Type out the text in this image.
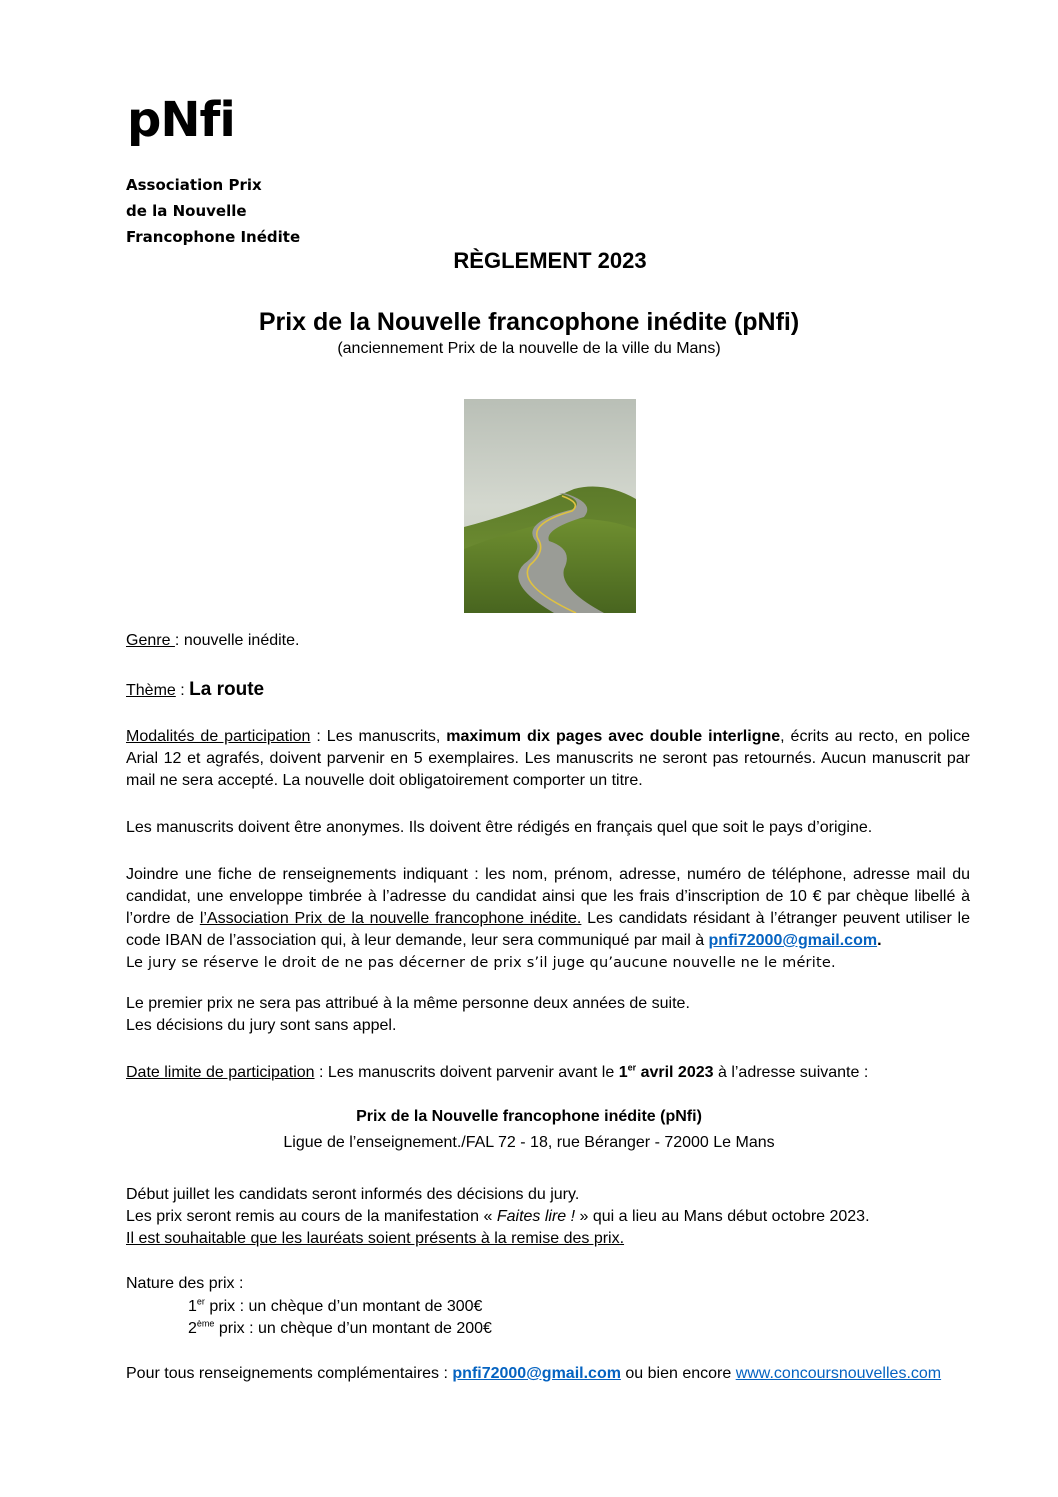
pNfi
Association Prix
de la Nouvelle
Francophone Inédite
RÈGLEMENT 2023
Prix de la Nouvelle francophone inédite (pNfi)
(anciennement Prix de la nouvelle de la ville du Mans)
Genre : nouvelle inédite.
Thème : La route
Modalités de participation : Les manuscrits, maximum dix pages avec double interligne, écrits au recto, en police Arial 12 et agrafés, doivent parvenir en 5 exemplaires. Les manuscrits ne seront pas retournés. Aucun manuscrit par mail ne sera accepté. La nouvelle doit obligatoirement comporter un titre.
Les manuscrits doivent être anonymes. Ils doivent être rédigés en français quel que soit le pays d’origine.
Joindre une fiche de renseignements indiquant : les nom, prénom, adresse, numéro de téléphone, adresse mail du candidat, une enveloppe timbrée à l’adresse du candidat ainsi que les frais d’inscription de 10 € par chèque libellé à l’ordre de l’Association Prix de la nouvelle francophone inédite. Les candidats résidant à l’étranger peuvent utiliser le code IBAN de l’association qui, à leur demande, leur sera communiqué par mail à pnfi72000@gmail.com.
Le jury se réserve le droit de ne pas décerner de prix s’il juge qu’aucune nouvelle ne le mérite.
Le premier prix ne sera pas attribué à la même personne deux années de suite.
Les décisions du jury sont sans appel.
Date limite de participation : Les manuscrits doivent parvenir avant le 1er avril 2023 à l’adresse suivante :
Prix de la Nouvelle francophone inédite (pNfi)
Ligue de l’enseignement./FAL 72 - 18, rue Béranger - 72000 Le Mans
Début juillet les candidats seront informés des décisions du jury.
Les prix seront remis au cours de la manifestation « Faites lire ! » qui a lieu au Mans début octobre 2023.
Il est souhaitable que les lauréats soient présents à la remise des prix.
Nature des prix :
1er prix : un chèque d’un montant de 300€
2ème prix : un chèque d’un montant de 200€
Pour tous renseignements complémentaires : pnfi72000@gmail.com ou bien encore www.concoursnouvelles.com
